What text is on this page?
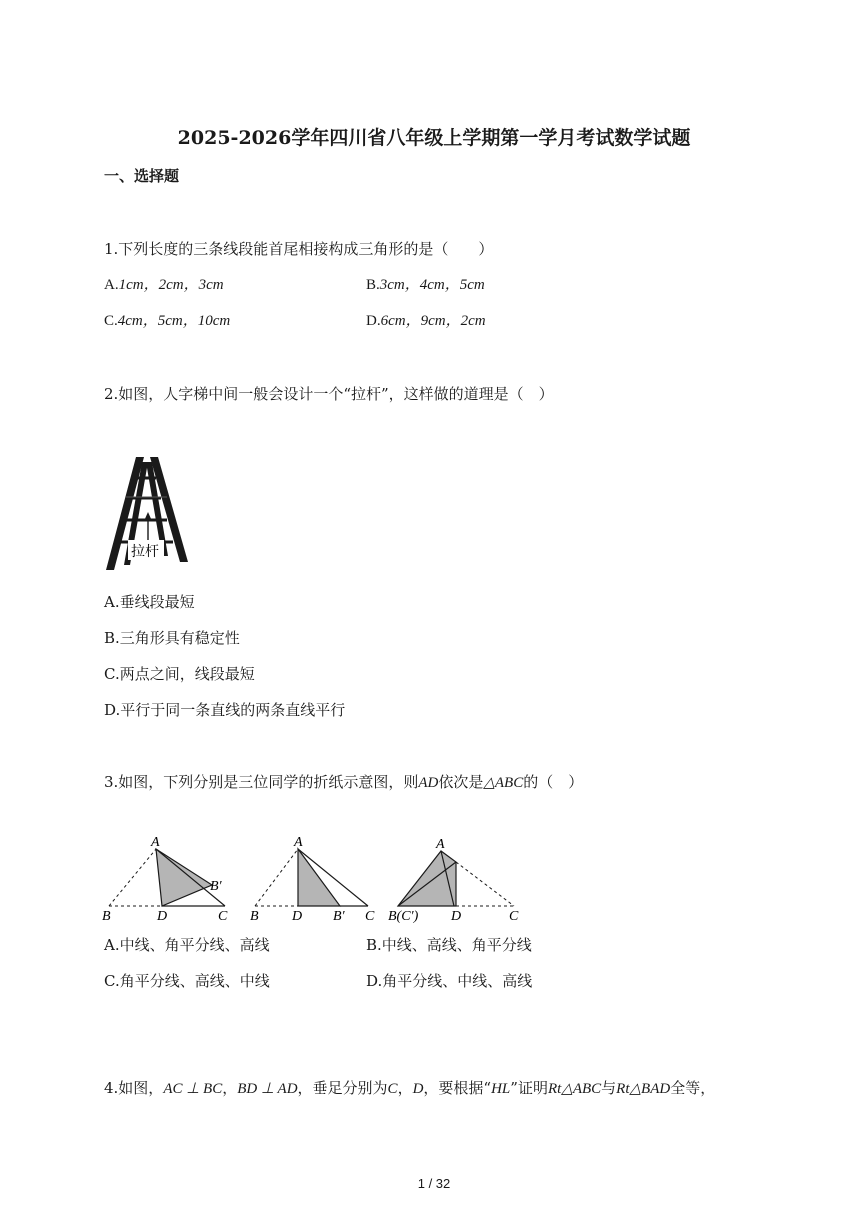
2025-2026学年四川省八年级上学期第一学月考试数学试题
一、选择题
1.下列长度的三条线段能首尾相接构成三角形的是（　　）
A.1cm，2cm，3cm	B.3cm，4cm，5cm
C.4cm，5cm，10cm	D.6cm，9cm，2cm
2.如图，人字梯中间一般会设计一个“拉杆”，这样做的道理是（　）
拉杆
A.垂线段最短
B.三角形具有稳定性
C.两点之间，线段最短
D.平行于同一条直线的两条直线平行
3.如图，下列分别是三位同学的折纸示意图，则AD依次是△ABC的（　）
A
B	D	C
B′
A
B D B′ C
A
B(C′) D	C
A.中线、角平分线、高线	B.中线、高线、角平分线
C.角平分线、高线、中线	D.角平分线、中线、高线
4.如图，AC ⊥ BC，BD ⊥ AD，垂足分别为C，D，要根据“HL”证明Rt△ABC与Rt△BAD全等，
1 / 32
